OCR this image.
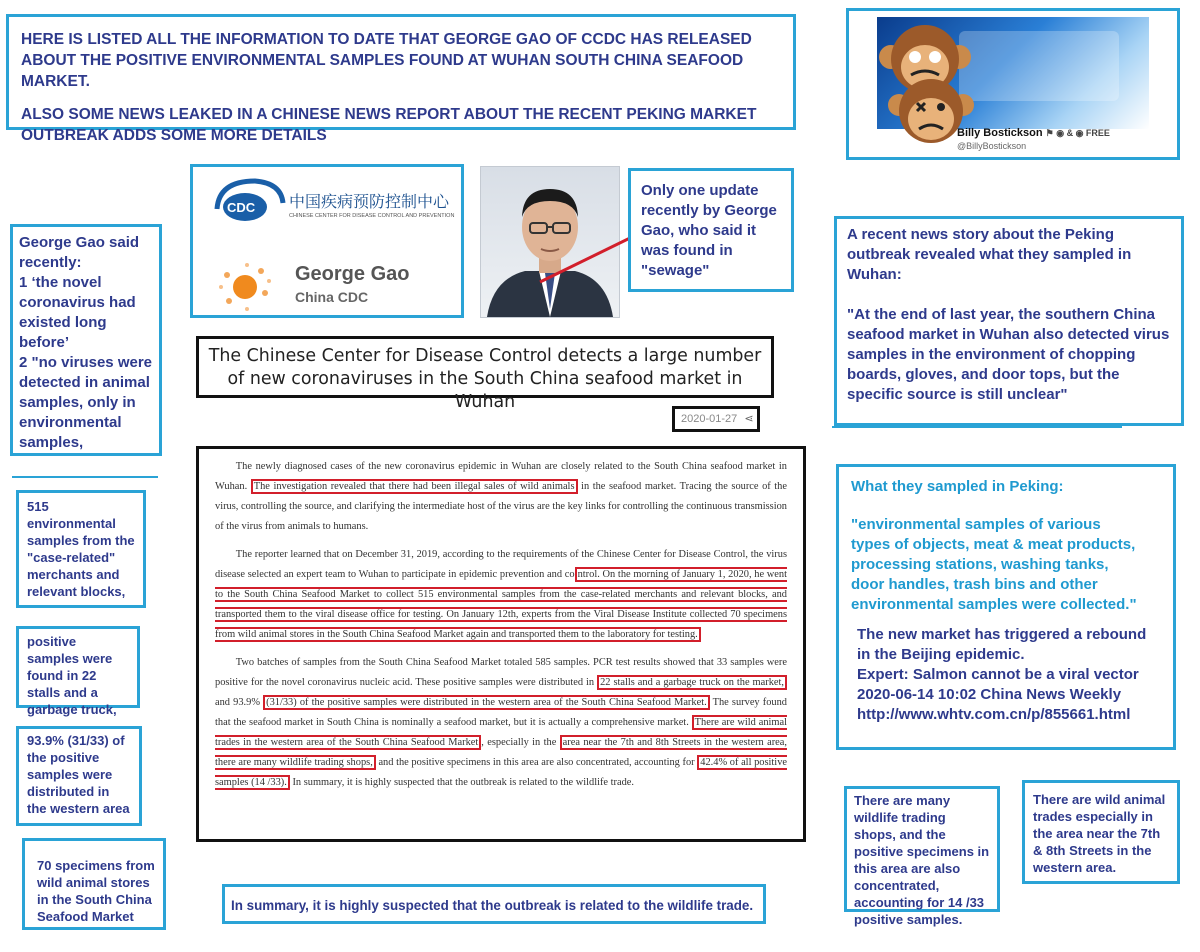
HERE IS LISTED ALL THE INFORMATION TO DATE THAT GEORGE GAO OF CCDC HAS RELEASED ABOUT THE POSITIVE ENVIRONMENTAL SAMPLES FOUND AT WUHAN SOUTH CHINA SEAFOOD MARKET.
ALSO SOME NEWS LEAKED IN A CHINESE NEWS REPORT ABOUT THE RECENT PEKING MARKET OUTBREAK ADDS SOME MORE DETAILS	Billy Bostickson ⚑ ◉ & ◉ FREE
@BillyBostickson
CDC 中国疾病预防控制中心
CHINESE CENTER FOR DISEASE CONTROL AND PREVENTION
George Gao
China CDC
Only one update recently by George Gao, who said it was found in "sewage"
A recent news story about the Peking outbreak revealed what they sampled in Wuhan:

"At the end of last year, the southern China seafood market in Wuhan also detected virus samples in the environment of chopping boards, gloves, and door tops, but the specific source is still unclear"
George Gao said recently:
1 ‘the novel coronavirus had existed long before’
2 "no viruses were detected in animal samples, only in environmental samples,
The Chinese Center for Disease Control detects a large number of new coronaviruses in the South China seafood market in Wuhan
2020-01-27 ⋖

The newly diagnosed cases of the new coronavirus epidemic in Wuhan are closely related to the South China seafood market in Wuhan. The investigation revealed that there had been illegal sales of wild animals in the seafood market. Tracing the source of the virus, controlling the source, and clarifying the intermediate host of the virus are the key links for controlling the continuous transmission of the virus from animals to humans.

The reporter learned that on December 31, 2019, according to the requirements of the Chinese Center for Disease Control, the virus disease selected an expert team to Wuhan to participate in epidemic prevention and co ntrol. On the morning of January 1, 2020, he went to the South China Seafood Market to collect 515 environmental samples from the case-related merchants and relevant blocks, and transported them to the viral disease office for testing. On January 12th, experts from the Viral Disease Institute collected 70 specimens from wild animal stores in the South China Seafood Market again and transported them to the laboratory for testing.

Two batches of samples from the South China Seafood Market totaled 585 samples. PCR test results showed that 33 samples were positive for the novel coronavirus nucleic acid. These positive samples were distributed in 22 stalls and a garbage truck on the market, and 93.9% (31/33) of the positive samples were distributed in the western area of the South China Seafood Market. The survey found that the seafood market in South China is nominally a seafood market, but it is actually a comprehensive market. There are wild animal trades in the western area of the South China Seafood Market , especially in the area near the 7th and 8th Streets in the western area, there are many wildlife trading shops, and the positive specimens in this area are also concentrated, accounting for 42.4% of all positive samples (14 /33). In summary, it is highly suspected that the outbreak is related to the wildlife trade.

515 environmental samples from the "case-related" merchants and relevant blocks,
positive samples were found in 22 stalls and a garbage truck,
93.9% (31/33) of the positive samples were distributed in the western area
70 specimens from wild animal stores in the South China Seafood Market
In summary, it is highly suspected that the outbreak is related to the wildlife trade.
What they sampled in Peking:
"environmental samples of various types of objects, meat & meat products, processing stations, washing tanks, door handles, trash bins and other environmental samples were collected."
The new market has triggered a rebound in the Beijing epidemic.
Expert: Salmon cannot be a viral vector
2020-06-14 10:02 China News Weekly
http://www.whtv.com.cn/p/855661.html
There are many wildlife trading shops, and the positive specimens in this area are also concentrated, accounting for 14 /33 positive samples.
There are wild animal trades especially in the area near the 7th & 8th Streets in the western area.
